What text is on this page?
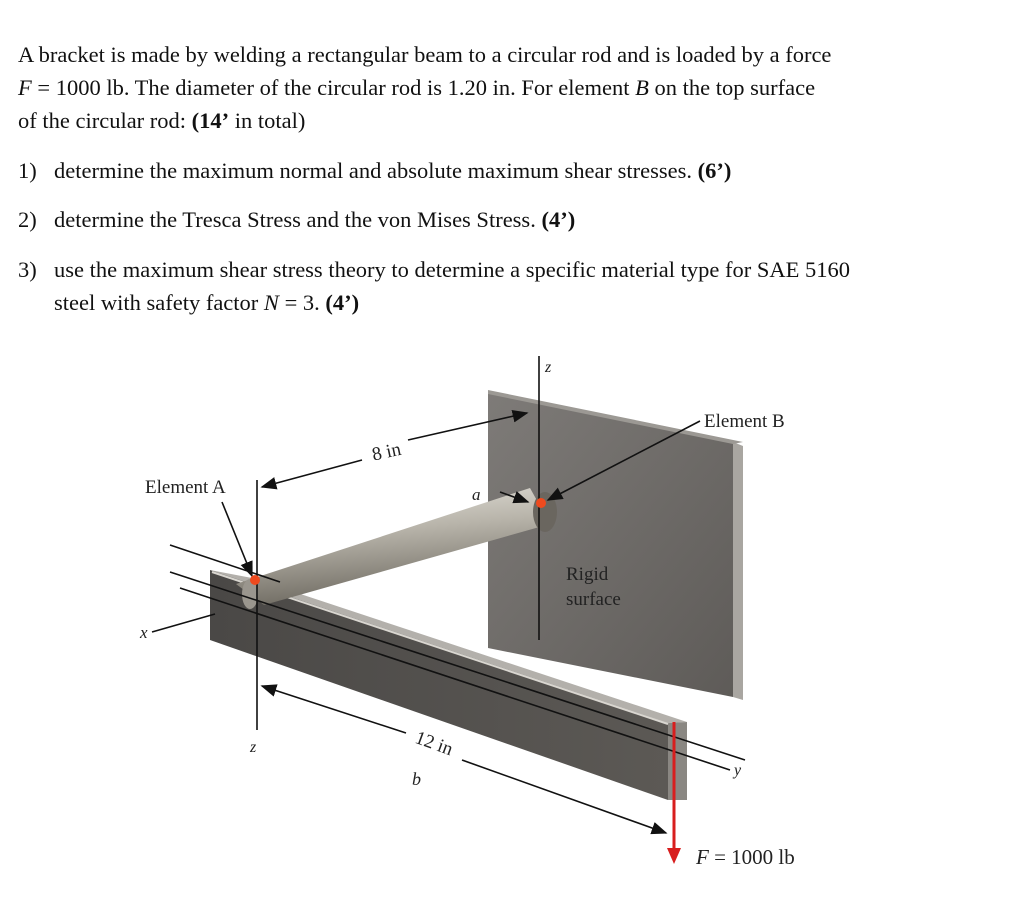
A bracket is made by welding a rectangular beam to a circular rod and is loaded by a force

F = 1000 lb. The diameter of the circular rod is 1.20 in. For element B on the top surface

of the circular rod: (14’ in total)

1) determine the maximum normal and absolute maximum shear stresses. (6’)
2) determine the Tresca Stress and the von Mises Stress. (4’)
3) use the maximum shear stress theory to determine a specific material type for SAE 5160
steel with safety factor N = 3. (4’)
z
Element B
8 in
Element A	a
Rigid
surface
x
z	12 in
b	y
F = 1000 lb
